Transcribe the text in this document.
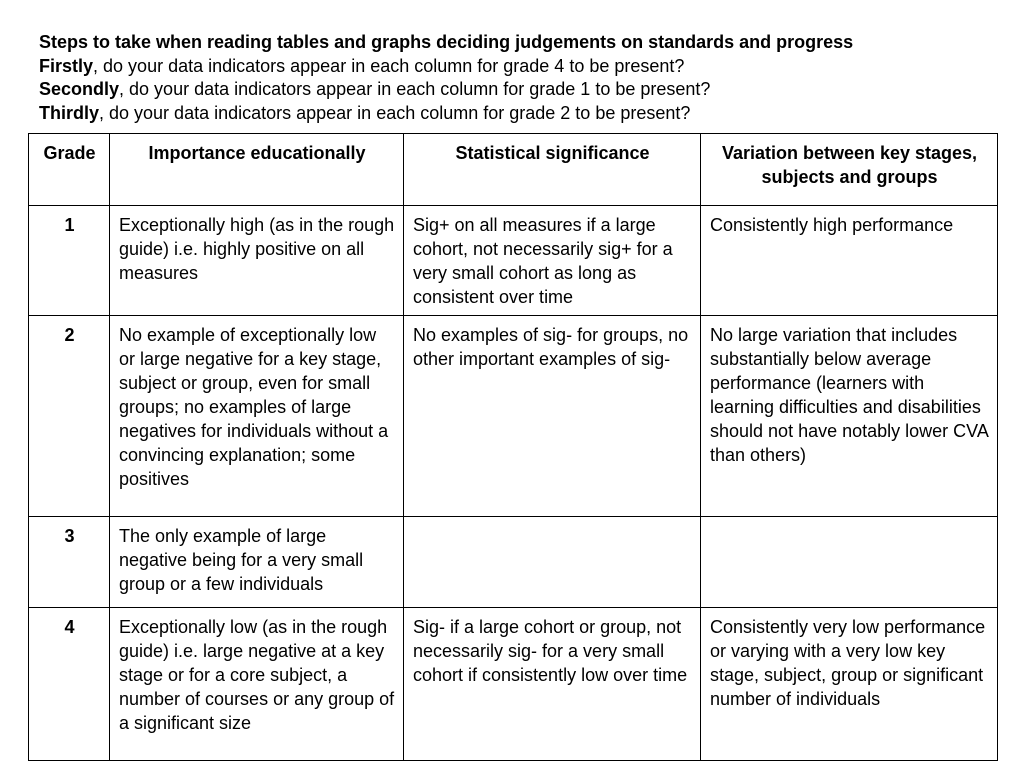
Steps to take when reading tables and graphs deciding judgements on standards and progress
Firstly, do your data indicators appear in each column for grade 4 to be present?
Secondly, do your data indicators appear in each column for grade 1 to be present?
Thirdly, do your data indicators appear in each column for grade 2 to be present?
Grade	Importance educationally	Statistical significance	Variation between key stages, subjects and groups
1	Exceptionally high (as in the rough guide) i.e. highly positive on all measures	Sig+ on all measures if a large cohort, not necessarily sig+ for a very small cohort as long as consistent over time	Consistently high performance
2	No example of exceptionally low or large negative for a key stage, subject or group, even for small groups; no examples of large negatives for individuals without a convincing explanation; some positives	No examples of sig- for groups, no other important examples of sig-	No large variation that includes substantially below average performance (learners with learning difficulties and disabilities should not have notably lower CVA than others)
3	The only example of large negative being for a very small group or a few individuals		
4	Exceptionally low (as in the rough guide) i.e. large negative at a key stage or for a core subject, a number of courses or any group of a significant size	Sig- if a large cohort or group, not necessarily sig- for a very small cohort if consistently low over time	Consistently very low performance or varying with a very low key stage, subject, group or significant number of individuals
